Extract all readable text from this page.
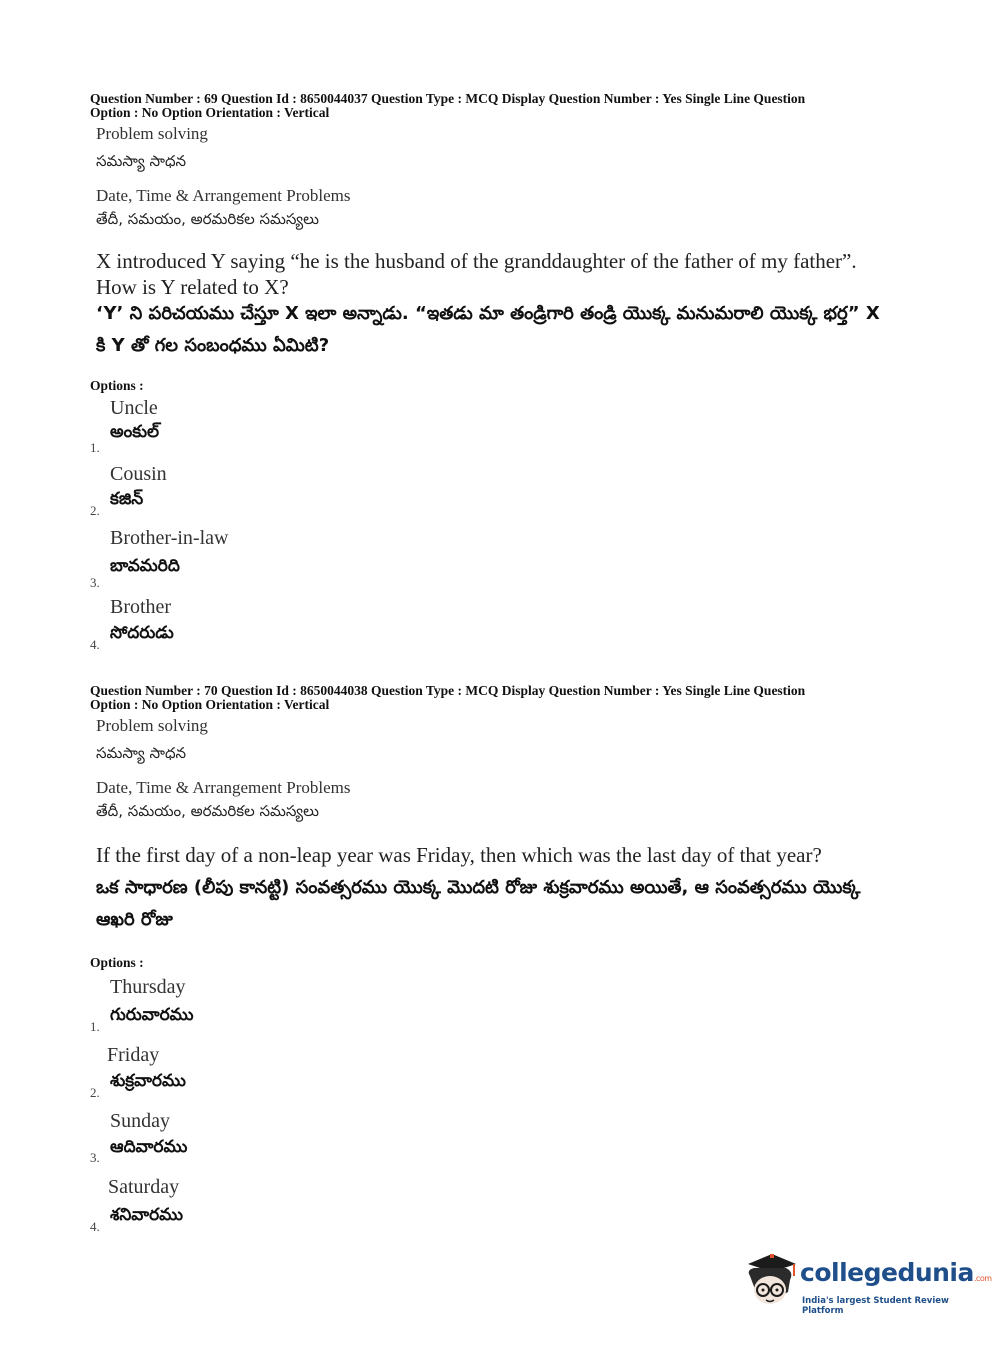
Question Number : 69 Question Id : 8650044037 Question Type : MCQ Display Question Number : Yes Single Line Question
Option : No Option Orientation : Vertical
Problem solving
సమస్యా సాధన
Date, Time & Arrangement Problems
తేదీ, సమయం, అరమరికల సమస్యలు
X introduced Y saying “he is the husband of the granddaughter of the father of my father”. How is Y related to X?
‘Y’ ని పరిచయము చేస్తూ X ఇలా అన్నాడు. “ఇతడు మా తండ్రిగారి తండ్రి యొక్క మనుమరాలి యొక్క భర్త” X కి Y తో గల సంబంధము ఏమిటి?
Options :
Uncle
అంకుల్
1.
Cousin
కజిన్
2.
Brother-in-law
బావమరిది
3.
Brother
సోదరుడు
4.
Question Number : 70 Question Id : 8650044038 Question Type : MCQ Display Question Number : Yes Single Line Question
Option : No Option Orientation : Vertical
Problem solving
సమస్యా సాధన
Date, Time & Arrangement Problems
తేదీ, సమయం, అరమరికల సమస్యలు
If the first day of a non-leap year was Friday, then which was the last day of that year?
ఒక సాధారణ (లీపు కానట్టి) సంవత్సరము యొక్క మొదటి రోజు శుక్రవారము అయితే, ఆ సంవత్సరము యొక్క ఆఖరి రోజు
Options :
Thursday
గురువారము
1.
Friday
శుక్రవారము
2.
Sunday
ఆదివారము
3.
Saturday
శనివారము
4.
collegedunia.com
India's largest Student Review Platform
